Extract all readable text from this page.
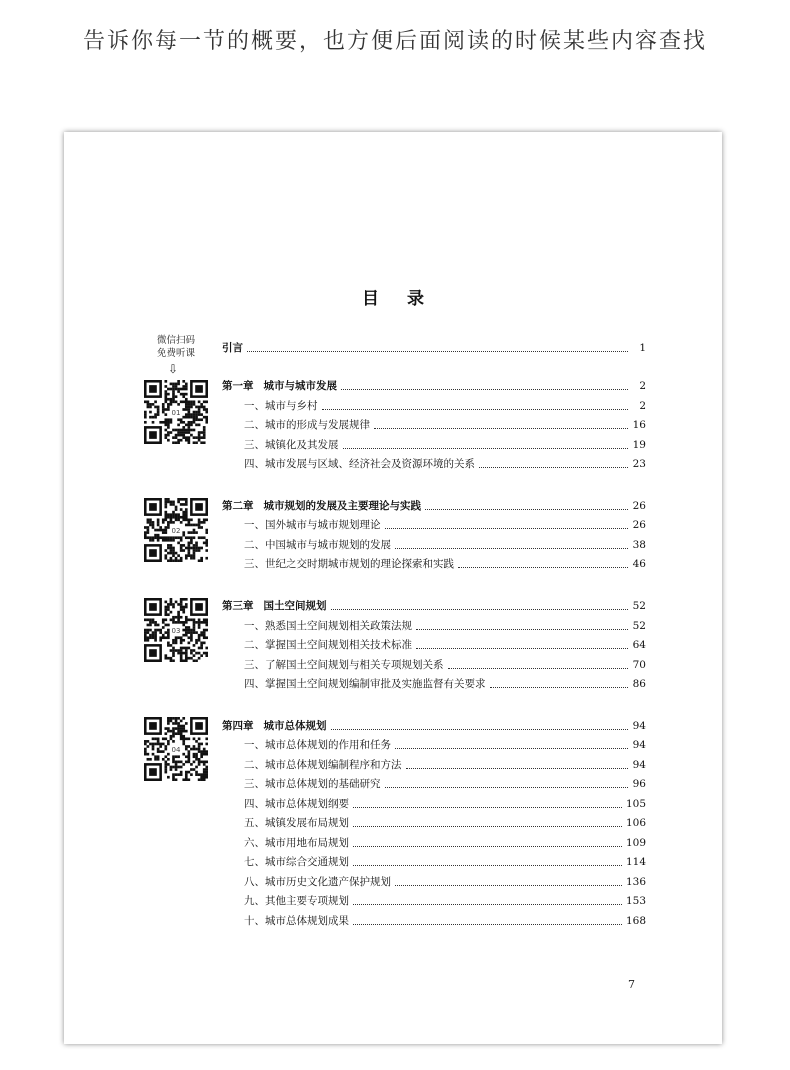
告诉你每一节的概要，也方便后面阅读的时候某些内容查找
目录
微信扫码
免费听课
⇩
01
02
03
04
引言	1
第一章 城市与城市发展	2
一、城市与乡村	2
二、城市的形成与发展规律	16
三、城镇化及其发展	19
四、城市发展与区域、经济社会及资源环境的关系	23
第二章 城市规划的发展及主要理论与实践	26
一、国外城市与城市规划理论	26
二、中国城市与城市规划的发展	38
三、世纪之交时期城市规划的理论探索和实践	46
第三章 国土空间规划	52
一、熟悉国土空间规划相关政策法规	52
二、掌握国土空间规划相关技术标准	64
三、了解国土空间规划与相关专项规划关系	70
四、掌握国土空间规划编制审批及实施监督有关要求	86
第四章 城市总体规划	94
一、城市总体规划的作用和任务	94
二、城市总体规划编制程序和方法	94
三、城市总体规划的基础研究	96
四、城市总体规划纲要	105
五、城镇发展布局规划	106
六、城市用地布局规划	109
七、城市综合交通规划	114
八、城市历史文化遗产保护规划	136
九、其他主要专项规划	153
十、城市总体规划成果	168
7
